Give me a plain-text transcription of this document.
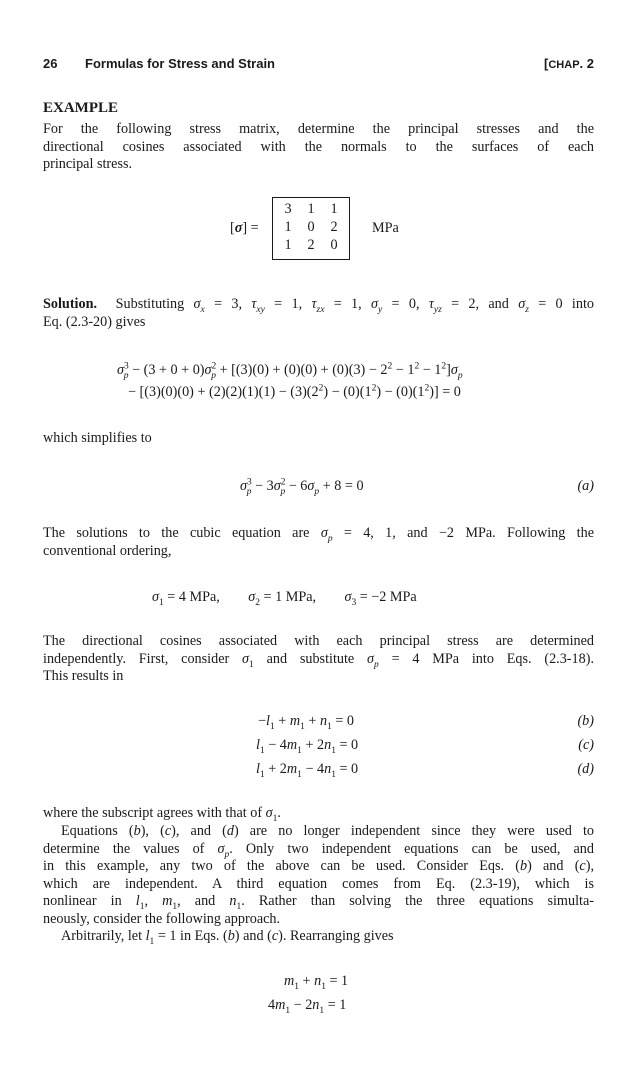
26 Formulas for Stress and Strain	[CHAP. 2
EXAMPLE
For the following stress matrix, determine the principal stresses and the
directional cosines associated with the normals to the surfaces of each
principal stress.
[σ] =
3	1	1
1	0	2
1	2	0
MPa
Solution. Substituting $\sigma_x = 3$, $\tau_{xy} = 1$, $\tau_{zx} = 1$, $\sigma_y = 0$, $\tau_{yz} = 2$, and $\sigma_z = 0$ into
Eq. (2.3-20) gives
$\sigma^3_p - (3 + 0 + 0)\sigma^2_p + [(3)(0) + (0)(0) + (0)(3) - 2^2 - 1^2 - 1^2]\sigma_p$
− $[(3)(0)(0) + (2)(2)(1)(1) - (3)(2^2) - (0)(1^2) - (0)(1^2)] = 0$
which simplifies to
$\sigma^3_p - 3\sigma^2_p - 6\sigma_p + 8 = 0$	(a)
The solutions to the cubic equation are $\sigma_p = 4$, 1, and −2 MPa. Following the
conventional ordering,
$\sigma_1 = 4$ MPa,        $\sigma_2 = 1$ MPa,        $\sigma_3 = -2$ MPa
The directional cosines associated with each principal stress are determined
independently. First, consider $\sigma_1$ and substitute $\sigma_p = 4$ MPa into Eqs. (2.3-18).
This results in
$-l_1 + m_1 + n_1 = 0$	(b)
$l_1 - 4m_1 + 2n_1 = 0$	(c)
$l_1 + 2m_1 - 4n_1 = 0$	(d)
where the subscript agrees with that of $\sigma_1$.
Equations (b), (c), and (d) are no longer independent since they were used to
determine the values of $\sigma_p$. Only two independent equations can be used, and
in this example, any two of the above can be used. Consider Eqs. (b) and (c),
which are independent. A third equation comes from Eq. (2.3-19), which is
nonlinear in $l_1$, $m_1$, and $n_1$. Rather than solving the three equations simulta-
neously, consider the following approach.
Arbitrarily, let $l_1 = 1$ in Eqs. (b) and (c). Rearranging gives
$m_1 + n_1 = 1$
$4m_1 - 2n_1 = 1$
